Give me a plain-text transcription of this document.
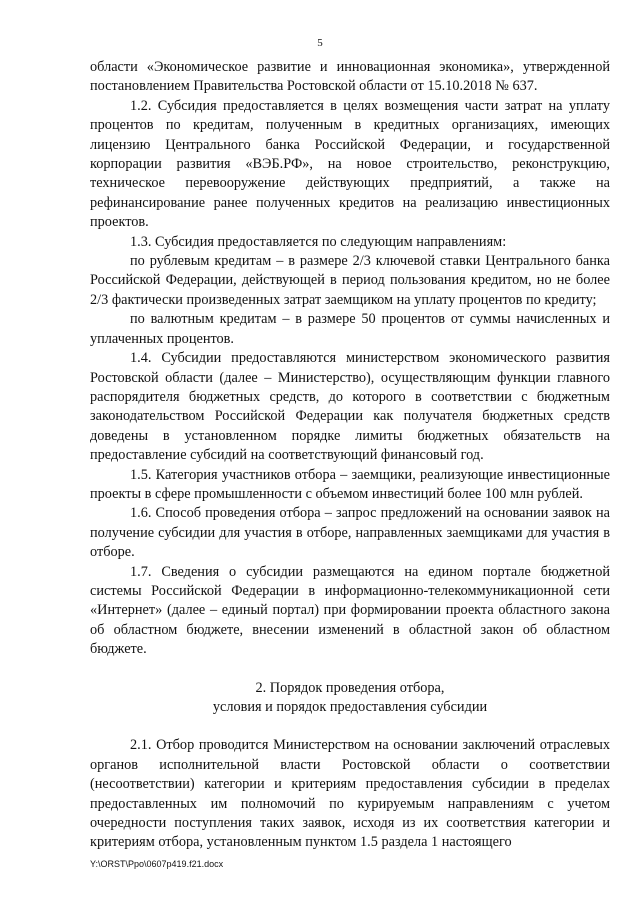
5

области «Экономическое развитие и инновационная экономика», утвержденной постановлением Правительства Ростовской области от 15.10.2018 № 637.

1.2. Субсидия предоставляется в целях возмещения части затрат на уплату процентов по кредитам, полученным в кредитных организациях, имеющих лицензию Центрального банка Российской Федерации, и государственной корпорации развития «ВЭБ.РФ», на новое строительство, реконструкцию, техническое перевооружение действующих предприятий, а также на рефинансирование ранее полученных кредитов на реализацию инвестиционных проектов.

1.3. Субсидия предоставляется по следующим направлениям:

по рублевым кредитам – в размере 2/3 ключевой ставки Центрального банка Российской Федерации, действующей в период пользования кредитом, но не более 2/3 фактически произведенных затрат заемщиком на уплату процентов по кредиту;

по валютным кредитам – в размере 50 процентов от суммы начисленных и уплаченных процентов.

1.4. Субсидии предоставляются министерством экономического развития Ростовской области (далее – Министерство), осуществляющим функции главного распорядителя бюджетных средств, до которого в соответствии с бюджетным законодательством Российской Федерации как получателя бюджетных средств доведены в установленном порядке лимиты бюджетных обязательств на предоставление субсидий на соответствующий финансовый год.

1.5. Категория участников отбора – заемщики, реализующие инвестиционные проекты в сфере промышленности с объемом инвестиций более 100 млн рублей.

1.6. Способ проведения отбора – запрос предложений на основании заявок на получение субсидии для участия в отборе, направленных заемщиками для участия в отборе.

1.7. Сведения о субсидии размещаются на едином портале бюджетной системы Российской Федерации в информационно-телекоммуникационной сети «Интернет» (далее – единый портал) при формировании проекта областного закона об областном бюджете, внесении изменений в областной закон об областном бюджете.

2. Порядок проведения отбора,
условия и порядок предоставления субсидии

2.1. Отбор проводится Министерством на основании заключений отраслевых органов исполнительной власти Ростовской области о соответствии (несоответствии) категории и критериям предоставления субсидии в пределах предоставленных им полномочий по курируемым направлениям с учетом очередности поступления таких заявок, исходя из их соответствия категории и критериям отбора, установленным пунктом 1.5 раздела 1 настоящего

Y:\ORST\Ppo\0607p419.f21.docx
